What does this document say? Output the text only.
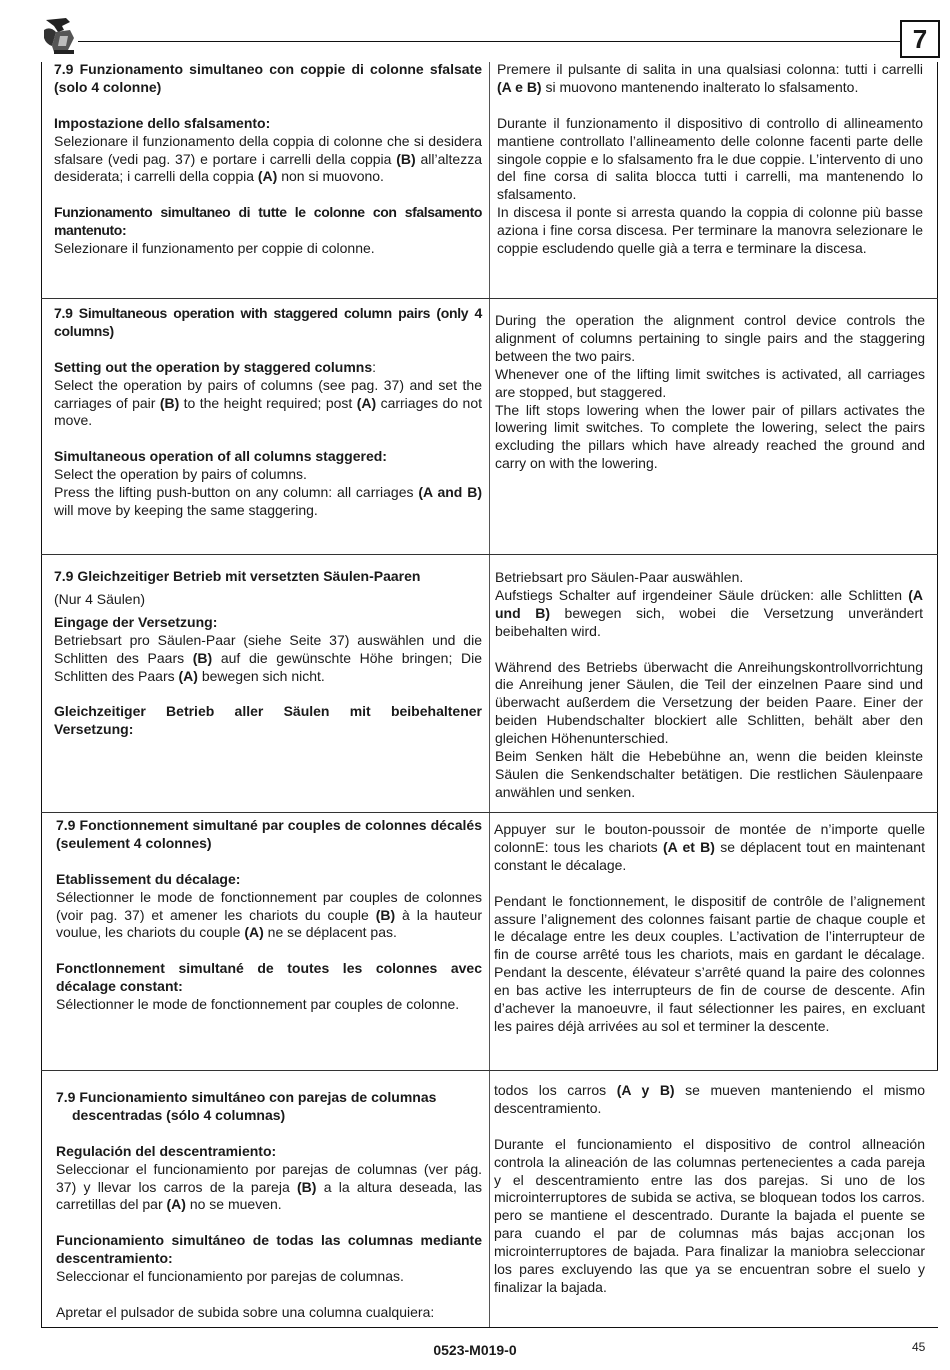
7

7.9 Funzionamento simultaneo con coppie di colonne sfalsate (solo 4 colonne)

Impostazione dello sfalsamento:

Selezionare il funzionamento della coppia di colonne che si desidera sfalsare (vedi pag. 37) e portare i carrelli della coppia (B) all’altezza desiderata; i carrelli della coppia (A) non si muovono.

Funzionamento simultaneo di tutte le colonne con sfalsamento mantenuto:

Selezionare il funzionamento per coppie di colonne.

Premere il pulsante di salita in una qualsiasi colonna: tutti i carrelli (A e B) si muovono mantenendo inalterato lo sfalsamento.

Durante il funzionamento il dispositivo di controllo di allineamento mantiene controllato l’allineamento delle colonne facenti parte delle singole coppie e lo sfalsamento fra le due coppie. L’intervento di uno del fine corsa di salita blocca tutti i carrelli, ma mantenendo lo sfalsamento.

In discesa il ponte si arresta quando la coppia di colonne più basse aziona i fine corsa discesa. Per terminare la manovra selezionare le coppie escludendo quelle già a terra e terminare la discesa.

7.9 Simultaneous operation with staggered column pairs (only 4 columns)

Setting out the operation by staggered columns:

Select the operation by pairs of columns (see pag. 37) and set the carriages of pair (B) to the height required; post (A) carriages do not move.

Simultaneous operation of all columns staggered:

Select the operation by pairs of columns.

Press the lifting push-button on any column: all carriages (A and B) will move by keeping the same staggering.

During the operation the alignment control device controls the alignment of columns pertaining to single pairs and the staggering between the two pairs.

Whenever one of the lifting limit switches is activated, all carriages are stopped, but staggered.

The lift stops lowering when the lower pair of pillars activates the lowering limit switches. To complete the lowering, select the pairs excluding the pillars which have already reached the ground and carry on with the lowering.

7.9 Gleichzeitiger Betrieb mit versetzten Säulen-Paaren

(Nur 4 Säulen)

Eingage der Versetzung:

Betriebsart pro Säulen-Paar (siehe Seite 37) auswählen und die Schlitten des Paars (B) auf die gewünschte Höhe bringen; Die Schlitten des Paars (A) bewegen sich nicht.

Gleichzeitiger Betrieb aller Säulen mit beibehaltener Versetzung:

Betriebsart pro Säulen-Paar auswählen.

Aufstiegs Schalter auf irgendeiner Säule drücken: alle Schlitten (A und B) bewegen sich, wobei die Versetzung unverändert beibehalten wird.

Während des Betriebs überwacht die Anreihungskontrollvorrichtung die Anreihung jener Säulen, die Teil der einzelnen Paare sind und überwacht außerdem die Versetzung der beiden Paare. Einer der beiden Hubendschalter blockiert alle Schlitten, behält aber den gleichen Höhenunterschied.

Beim Senken hält die Hebebühne an, wenn die beiden kleinste Säulen die Senkendschalter betätigen. Die restlichen Säulenpaare anwählen und senken.

7.9 Fonctionnement simultané par couples de colonnes décalés (seulement 4 colonnes)

Etablissement du décalage:

Sélectionner le mode de fonctionnement par couples de colonnes (voir pag. 37) et amener les chariots du couple (B) à la hauteur voulue, les chariots du couple (A) ne se déplacent pas.

Fonctlonnement simultané de toutes les colonnes avec décalage constant:

Sélectionner le mode de fonctionnement par couples de colonne.

Appuyer sur le bouton-poussoir de montée de n’importe quelle colonnE: tous les chariots (A et B) se déplacent tout en maintenant constant le décalage.

Pendant le fonctionnement, le dispositif de contrôle de l’alignement assure l’alignement des colonnes faisant partie de chaque couple et le décalage entre les deux couples. L’activation de l’interrupteur de fin de course arrêté tous les chariots, mais en gardant le décalage. Pendant la descente, élévateur s’arrêté quand la paire des colonnes en bas active les interrupteurs de fin de course de descente. Afin d’achever la manoeuvre, il faut sélectionner les paires, en excluant les paires déjà arrivées au sol et terminer la descente.

7.9 Funcionamiento simultáneo con parejas de columnas
descentradas (sólo 4 columnas)

Regulación del descentramiento:

Seleccionar el funcionamiento por parejas de columnas (ver pág. 37) y llevar los carros de la pareja (B) a la altura deseada, las carretillas del par (A) no se mueven.

Funcionamiento simultáneo de todas las columnas mediante descentramiento:

Seleccionar el funcionamiento por parejas de columnas.

Apretar el pulsador de subida sobre una columna cualquiera:

todos los carros (A y B) se mueven manteniendo el mismo descentramiento.

Durante el funcionamiento el dispositivo de control allneación controla la alineación de las columnas pertenecientes a cada pareja y el descentramiento entre las dos parejas. Si uno de los microinterruptores de subida se activa, se bloquean todos los carros. pero se mantiene el descentrado. Durante la bajada el puente se para cuando el par de columnas más bajas acc¡onan los microinterruptores de bajada. Para finalizar la maniobra seleccionar los pares excluyendo las que ya se encuentran sobre el suelo y finalizar la bajada.

0523-M019-0	45
